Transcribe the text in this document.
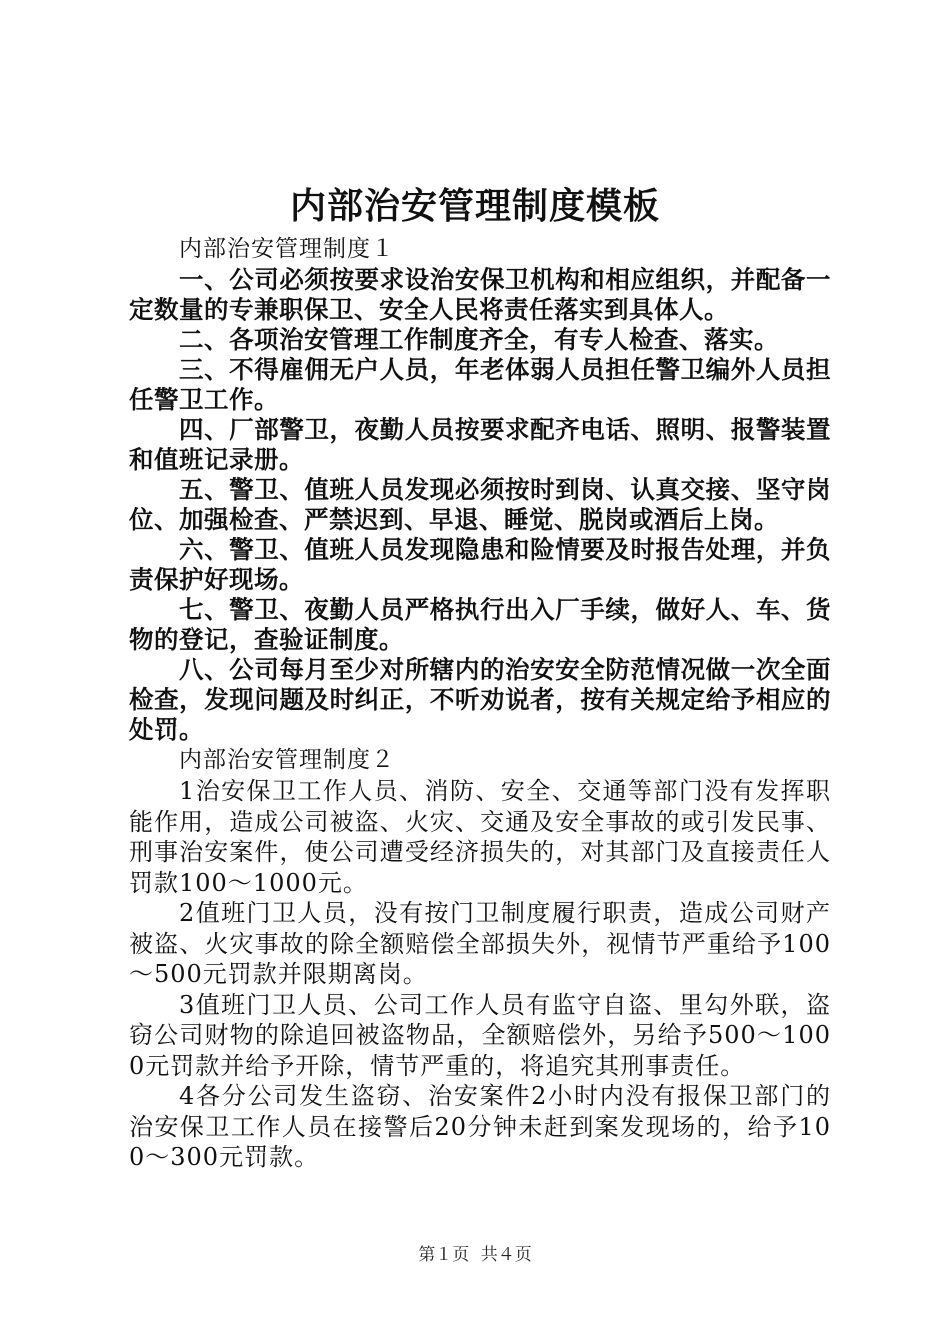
内部治安管理制度模板

内部治安管理制度１

一、公司必须按要求设治安保卫机构和相应组织，并配备一定数量的专兼职保卫、安全人民将责任落实到具体人。

二、各项治安管理工作制度齐全，有专人检查、落实。

三、不得雇佣无户人员，年老体弱人员担任警卫编外人员担任警卫工作。

四、厂部警卫，夜勤人员按要求配齐电话、照明、报警装置和值班记录册。

五、警卫、值班人员发现必须按时到岗、认真交接、坚守岗位、加强检查、严禁迟到、早退、睡觉、脱岗或酒后上岗。

六、警卫、值班人员发现隐患和险情要及时报告处理，并负责保护好现场。

七、警卫、夜勤人员严格执行出入厂手续，做好人、车、货物的登记，查验证制度。

八、公司每月至少对所辖内的治安安全防范情况做一次全面检查，发现问题及时纠正，不听劝说者，按有关规定给予相应的处罚。

内部治安管理制度２

1治安保卫工作人员、消防、安全、交通等部门没有发挥职能作用，造成公司被盗、火灾、交通及安全事故的或引发民事、刑事治安案件，使公司遭受经济损失的，对其部门及直接责任人罚款100～1000元。

2值班门卫人员，没有按门卫制度履行职责，造成公司财产被盗、火灾事故的除全额赔偿全部损失外，视情节严重给予100～500元罚款并限期离岗。

3值班门卫人员、公司工作人员有监守自盗、里勾外联，盗窃公司财物的除追回被盗物品，全额赔偿外，另给予500～1000元罚款并给予开除，情节严重的，将追究其刑事责任。

4各分公司发生盗窃、治安案件2小时内没有报保卫部门的治安保卫工作人员在接警后20分钟未赶到案发现场的，给予100～300元罚款。

第１页 共４页
